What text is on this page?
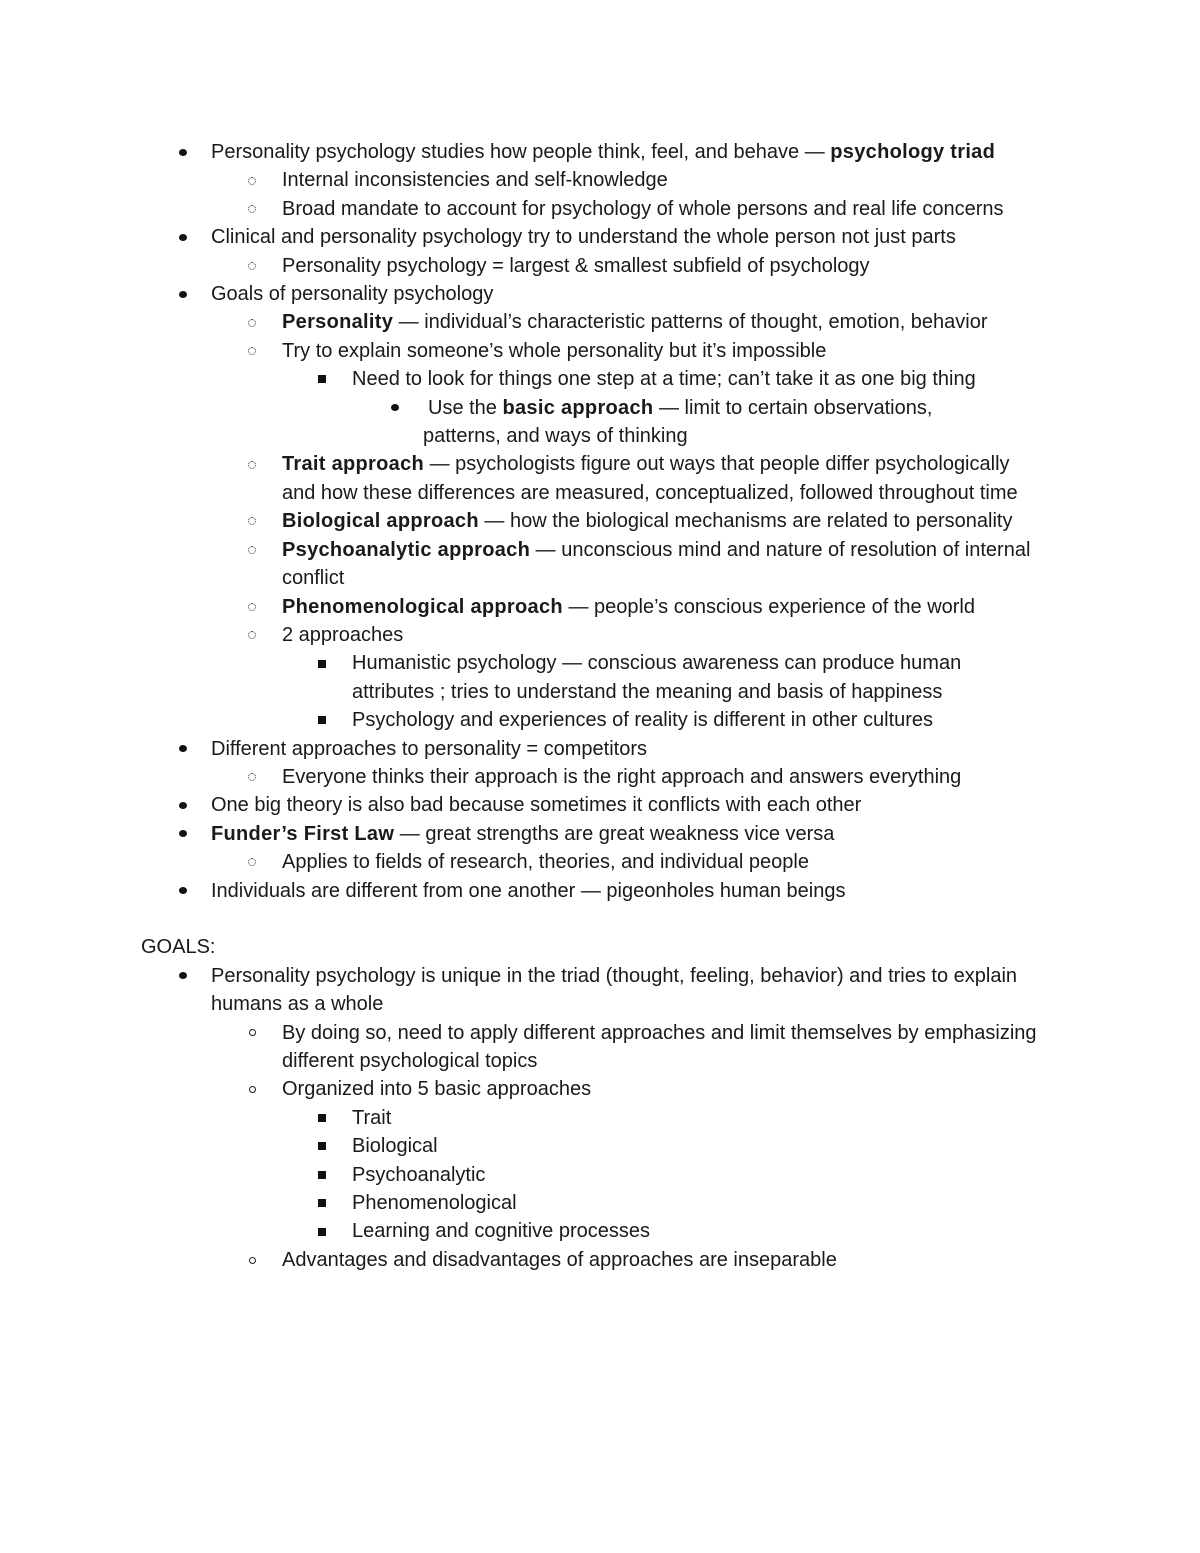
Personality psychology studies how people think, feel, and behave — psychology triad
Internal inconsistencies and self-knowledge
Broad mandate to account for psychology of whole persons and real life concerns
Clinical and personality psychology try to understand the whole person not just parts
Personality psychology = largest & smallest subfield of psychology
Goals of personality psychology
Personality — individual’s characteristic patterns of thought, emotion, behavior
Try to explain someone’s whole personality but it’s impossible
Need to look for things one step at a time; can’t take it as one big thing
Use the basic approach — limit to certain observations,
patterns, and ways of thinking
Trait approach — psychologists figure out ways that people differ psychologically and how these differences are measured, conceptualized, followed throughout time
Biological approach — how the biological mechanisms are related to personality
Psychoanalytic approach — unconscious mind and nature of resolution of internal conflict
Phenomenological approach — people’s conscious experience of the world
2 approaches
Humanistic psychology — conscious awareness can produce human attributes ; tries to understand the meaning and basis of happiness
Psychology and experiences of reality is different in other cultures
Different approaches to personality = competitors
Everyone thinks their approach is the right approach and answers everything
One big theory is also bad because sometimes it conflicts with each other
Funder’s First Law — great strengths are great weakness vice versa
Applies to fields of research, theories, and individual people
Individuals are different from one another — pigeonholes human beings
GOALS:
Personality psychology is unique in the triad (thought, feeling, behavior) and tries to explain humans as a whole
By doing so, need to apply different approaches and limit themselves by emphasizing different psychological topics
Organized into 5 basic approaches
Trait
Biological
Psychoanalytic
Phenomenological
Learning and cognitive processes
Advantages and disadvantages of approaches are inseparable
